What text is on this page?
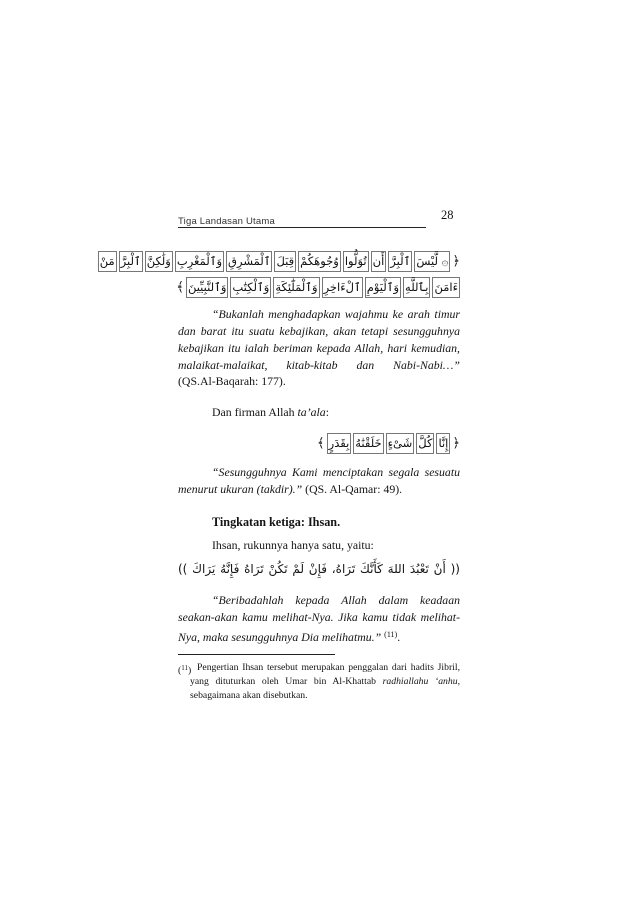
Tiga Landasan Utama	28
﴿
۞ لَّيْسَ
ٱلْبِرَّ
أَن
تُوَلُّوا
وُجُوهَكُمْ
قِبَلَ
ٱلْمَشْرِقِ
وَٱلْمَغْرِبِ
وَلَٰكِنَّ
ٱلْبِرَّ
مَنْ
ءَامَنَ
بِٱللَّهِ
وَٱلْيَوْمِ
ٱلْءَاخِرِ
وَٱلْمَلَٰٓئِكَةِ
وَٱلْكِتَٰبِ
وَٱلنَّبِيِّينَ
﴾
“Bukanlah menghadapkan wajahmu ke arah timur
dan barat itu suatu kebajikan, akan tetapi sesungguhnya
kebajikan itu ialah beriman kepada Allah, hari kemudian,
malaikat-malaikat, kitab-kitab dan Nabi-Nabi…”
(QS.Al-Baqarah: 177).
Dan firman Allah ta’ala:
﴿
إِنَّا
كُلَّ
شَىْءٍ
خَلَقْنَٰهُ
بِقَدَرٍ
﴾
“Sesungguhnya Kami menciptakan segala sesuatu
menurut ukuran (takdir).” (QS. Al-Qamar: 49).
Tingkatan ketiga: Ihsan.
Ihsan, rukunnya hanya satu, yaitu:
(( أَنْ تَعْبُدَ اللهَ كَأَنَّكَ تَرَاهُ، فَإِنْ لَمْ تَكُنْ تَرَاهُ فَإِنَّهُ يَرَاكَ ))
“Beribadahlah kepada Allah dalam keadaan
seakan-akan kamu melihat-Nya. Jika kamu tidak melihat-
Nya, maka sesungguhnya Dia melihatmu.” $^{(11)}$.
($^{11}$) Pengertian Ihsan tersebut merupakan penggalan dari hadits Jibril,
yang dituturkan oleh Umar bin Al-Khattab radhiallahu ‘anhu,
sebagaimana akan disebutkan.
